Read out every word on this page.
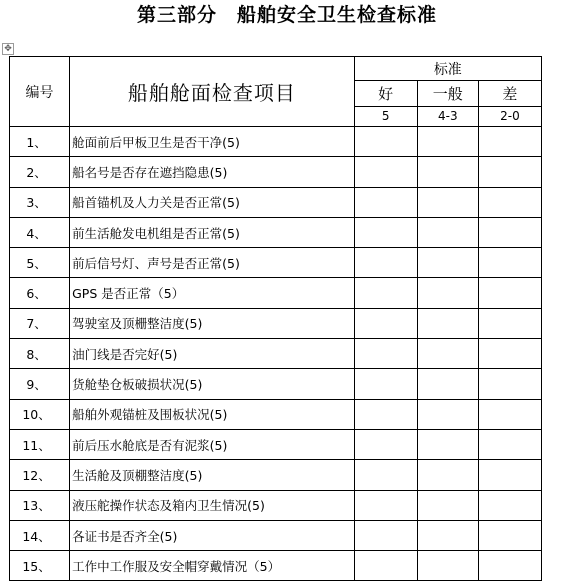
第三部分　船舶安全卫生检查标准
✥
编号	船舶舱面检查项目	标准		
		好	一般	差
		5	4-3	2-0
1、	舱面前后甲板卫生是否干净(5)			
2、	船名号是否存在遮挡隐患(5)			
3、	船首锚机及人力关是否正常(5)			
4、	前生活舱发电机组是否正常(5)			
5、	前后信号灯、声号是否正常(5)			
6、	GPS 是否正常（5）			
7、	驾驶室及顶栅整洁度(5)			
8、	油门线是否完好(5)			
9、	货舱垫仓板破损状况(5)			
10、	船舶外观锚桩及围板状况(5)			
11、	前后压水舱底是否有泥浆(5)			
12、	生活舱及顶棚整洁度(5)			
13、	液压舵操作状态及箱内卫生情况(5)			
14、	各证书是否齐全(5)			
15、	工作中工作服及安全帽穿戴情况（5）			
